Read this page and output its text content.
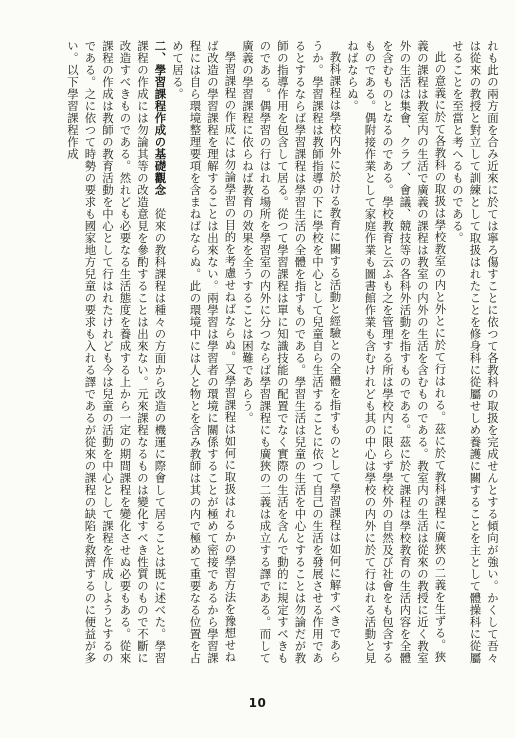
れも此の兩方面を合み近來に於ては寧ろ傷すことに依つて各教科の取扱を完成せんとする傾向が強い。かくして吾々は從來の教授と對立して訓練として取扱はれたことを修身科に從屬せしめ養護に關することを主として體操科に從屬せることを至當と考へるものである。

此の意義に於て各教科の取扱は學校教室の内と外とに於て行はれる。茲に於て教科課程に廣狹の二義を生ずる。狹義の課程は教室内の生活で廣義の課程は教室の内外の生活を含むものである。教室内の生活は從來の教授に近く教室外の生活は集會、クラブ、會議、競技等の各科外活動を指すものである。茲に於て課程は學校教育の生活内容を全體を含むものとなるのである。學校教育と云ふも之を管理する所は學校内に限らず學校外の自然及び社會をも包含するものである。偶附接作業として家庭作業も圖書館作業も含むけれども其の中心は學校の内外に於て行はれる活動と見ねばならぬ。

教科課程は學校内外に於ける教育に關する活動と經驗との全體を指すものとして學習課程は如何に解すべきであらうか。學習課程は教師指導の下に學校を中心として兒童自ら生活することに依つて自己の生活を發展させる作用であるとするならば學習課程は學習生活の全體を指すものである。學習生活は兒童の生活を中心とすることは勿論だが教師の指導作用を包含して居る。從つて學習課程は單に知識技能の配置でなく實際の生活を含んで動的に規定すべきものである。偶學習の行はれる場所を學習室の内外に分つならば學習課程にも廣狹の二義は成立する譯である。而して廣義の學習課程に依らねば教育の效果を全うすることは困難であらう。

學習課程の作成には勿論學習の目的を考慮せねばならぬ。又學習課程は如何に取扱はれるかの學習方法を豫想せねば改造の學習課程を理解することは出來ない。兩學習は學習者の環境に關係することが極めて密接であるから學習課程には自ら環境整理要項を含まねばならぬ。此の環境中には人と物とを含み教師は其の内で極めて重要なる位置を占めて居る。

二、學習課程作成の基礎觀念　從來の教科課程は種々の方面から改造の機運に際會して居ることは既に述べた。學習課程の作成には勿論其等の改造意見を參酌することは出來ない。元來課程なるものは變化すべき性質のもので不斷に改造すべきものである。然れども必要なる生活態度を養成する上から一定の期間課程を變化させぬ必要もある。從來課程の作成は教師の教育活動を中心として行はれたけれども今は兒童の活動を中心として課程を作成しようとするのである。之に依つて時勢の要求も國家地方兒童の要求も入れる譯であるが從來の課程の缺陷を救濟するのに便益が多い。以下學習課程作成

10
